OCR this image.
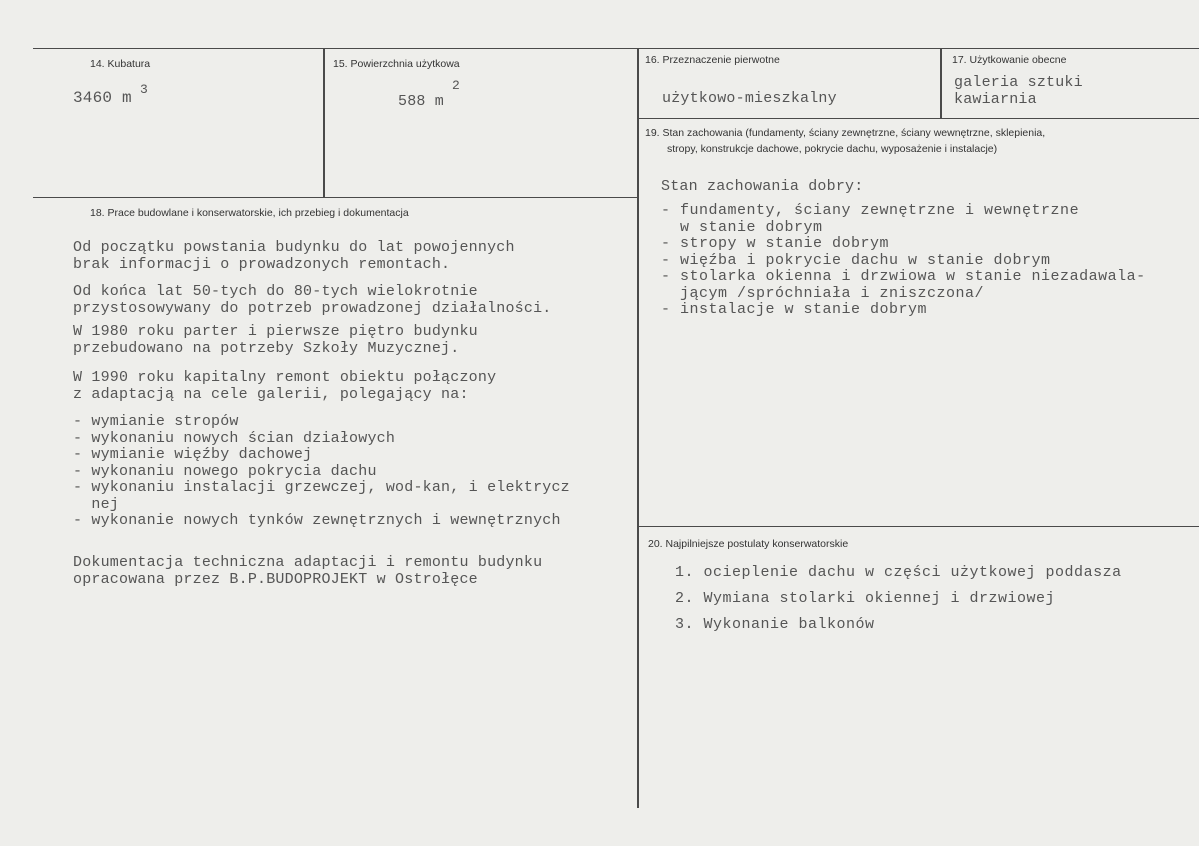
14. Kubatura
3460 m 3
15. Powierzchnia użytkowa
588 m
2
16. Przeznaczenie pierwotne
użytkowo-mieszkalny
17. Użytkowanie obecne
galeria sztuki
kawiarnia
18. Prace budowlane i konserwatorskie, ich przebieg i dokumentacja
Od początku powstania budynku do lat powojennych
brak informacji o prowadzonych remontach.
Od końca lat 50-tych do 80-tych wielokrotnie
przystosowywany do potrzeb prowadzonej działalności.
W 1980 roku parter i pierwsze piętro budynku
przebudowano na potrzeby Szkoły Muzycznej.
W 1990 roku kapitalny remont obiektu połączony
z adaptacją na cele galerii, polegający na:
- wymianie stropów
- wykonaniu nowych ścian działowych
- wymianie więźby dachowej
- wykonaniu nowego pokrycia dachu
- wykonaniu instalacji grzewczej, wod-kan, i elektrycz
nej
- wykonanie nowych tynków zewnętrznych i wewnętrznych
Dokumentacja techniczna adaptacji i remontu budynku
opracowana przez B.P.BUDOPROJEKT w Ostrołęce
19. Stan zachowania (fundamenty, ściany zewnętrzne, ściany wewnętrzne, sklepienia,
stropy, konstrukcje dachowe, pokrycie dachu, wyposażenie i instalacje)
Stan zachowania dobry:
- fundamenty, ściany zewnętrzne i wewnętrzne
w stanie dobrym
- stropy w stanie dobrym
- więźba i pokrycie dachu w stanie dobrym
- stolarka okienna i drzwiowa w stanie niezadawala-
jącym /spróchniała i zniszczona/
- instalacje w stanie dobrym
20. Najpilniejsze postulaty konserwatorskie
1. ocieplenie dachu w części użytkowej poddasza
2. Wymiana stolarki okiennej i drzwiowej
3. Wykonanie balkonów
